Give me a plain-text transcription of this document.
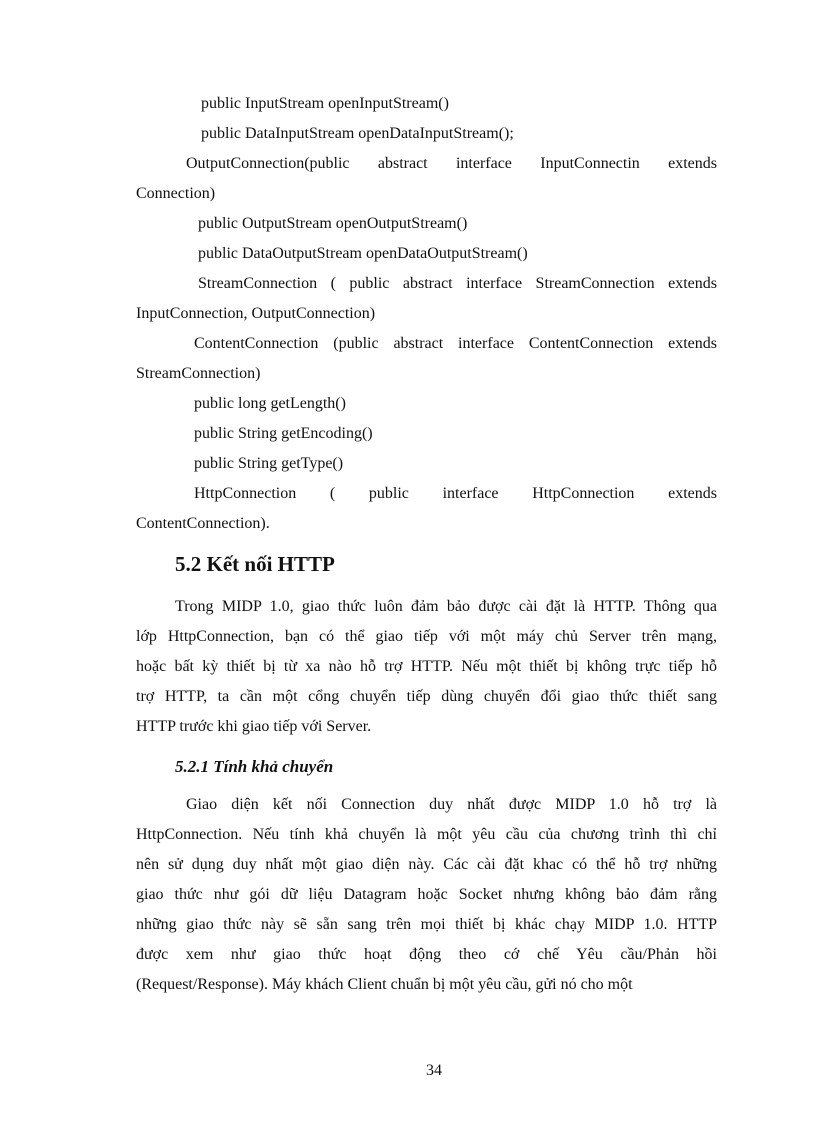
public InputStream openInputStream()
public DataInputStream openDataInputStream();
OutputConnection(public abstract interface InputConnectin extends
Connection)
public OutputStream openOutputStream()
public DataOutputStream openDataOutputStream()
StreamConnection ( public abstract interface StreamConnection extends
InputConnection, OutputConnection)
ContentConnection (public abstract interface ContentConnection extends
StreamConnection)
public long getLength()
public String getEncoding()
public String getType()
HttpConnection ( public interface HttpConnection extends
ContentConnection).
5.2 Kết nối HTTP
Trong MIDP 1.0, giao thức luôn đảm bảo được cài đặt là HTTP. Thông qua
lớp HttpConnection, bạn có thể giao tiếp với một máy chủ Server trên mạng,
hoặc bất kỳ thiết bị từ xa nào hỗ trợ HTTP. Nếu một thiết bị không trực tiếp hỗ
trợ HTTP, ta cần một cổng chuyển tiếp dùng chuyển đổi giao thức thiết sang
HTTP trước khi giao tiếp với Server.
5.2.1 Tính khả chuyển
Giao diện kết nối Connection duy nhất được MIDP 1.0 hỗ trợ là
HttpConnection. Nếu tính khả chuyển là một yêu cầu của chương trình thì chỉ
nên sử dụng duy nhất một giao diện này. Các cài đặt khac có thể hỗ trợ những
giao thức như gói dữ liệu Datagram hoặc Socket nhưng không bảo đảm rằng
những giao thức này sẽ sẵn sang trên mọi thiết bị khác chạy MIDP 1.0. HTTP
được xem như giao thức hoạt động theo cớ chế Yêu cầu/Phản hồi
(Request/Response). Máy khách Client chuẩn bị một yêu cầu, gửi nó cho một
34
